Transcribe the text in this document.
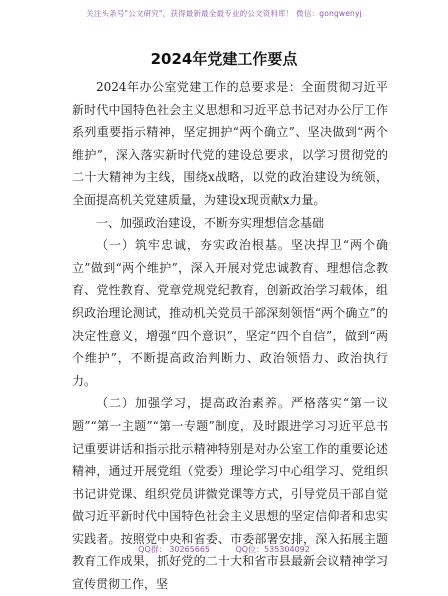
关注头条号"公文研究"，获得最新最全最专业的公文资料库！ 微信：gongwenyj
2024年党建工作要点

2024年办公室党建工作的总要求是：全面贯彻习近平新时代中国特色社会主义思想和习近平总书记对办公厅工作系列重要指示精神，坚定拥护“两个确立”、坚决做到“两个维护”，深入落实新时代党的建设总要求，以学习贯彻党的二十大精神为主线，围绕x战略，以党的政治建设为统领，全面提高机关党建质量，为建设x现贡献x力量。

一、加强政治建设，不断夯实理想信念基础

（一）筑牢忠诚，夯实政治根基。坚决捍卫“两个确立”做到“两个维护”，深入开展对党忠诚教育、理想信念教育、党性教育、党章党规党纪教育，创新政治学习载体，组织政治理论测试，推动机关党员干部深刻领悟“两个确立”的决定性意义，增强“四个意识”，坚定“四个自信”，做到“两个维护”，不断提高政治判断力、政治领悟力、政治执行力。

（二）加强学习，提高政治素养。严格落实“第一议题”“第一主题”“第一专题”制度，及时跟进学习习近平总书记重要讲话和指示批示精神特别是对办公室工作的重要论述精神，通过开展党组（党委）理论学习中心组学习、党组织书记讲党课、组织党员讲微党课等方式，引导党员干部自觉做习近平新时代中国特色社会主义思想的坚定信仰者和忠实实践者。按照党中央和省委、市委部署安排，深入拓展主题教育工作成果，抓好党的二十大和省市县最新会议精神学习宣传贯彻工作，坚

QQ群： 30265665          QQ位：535304092
